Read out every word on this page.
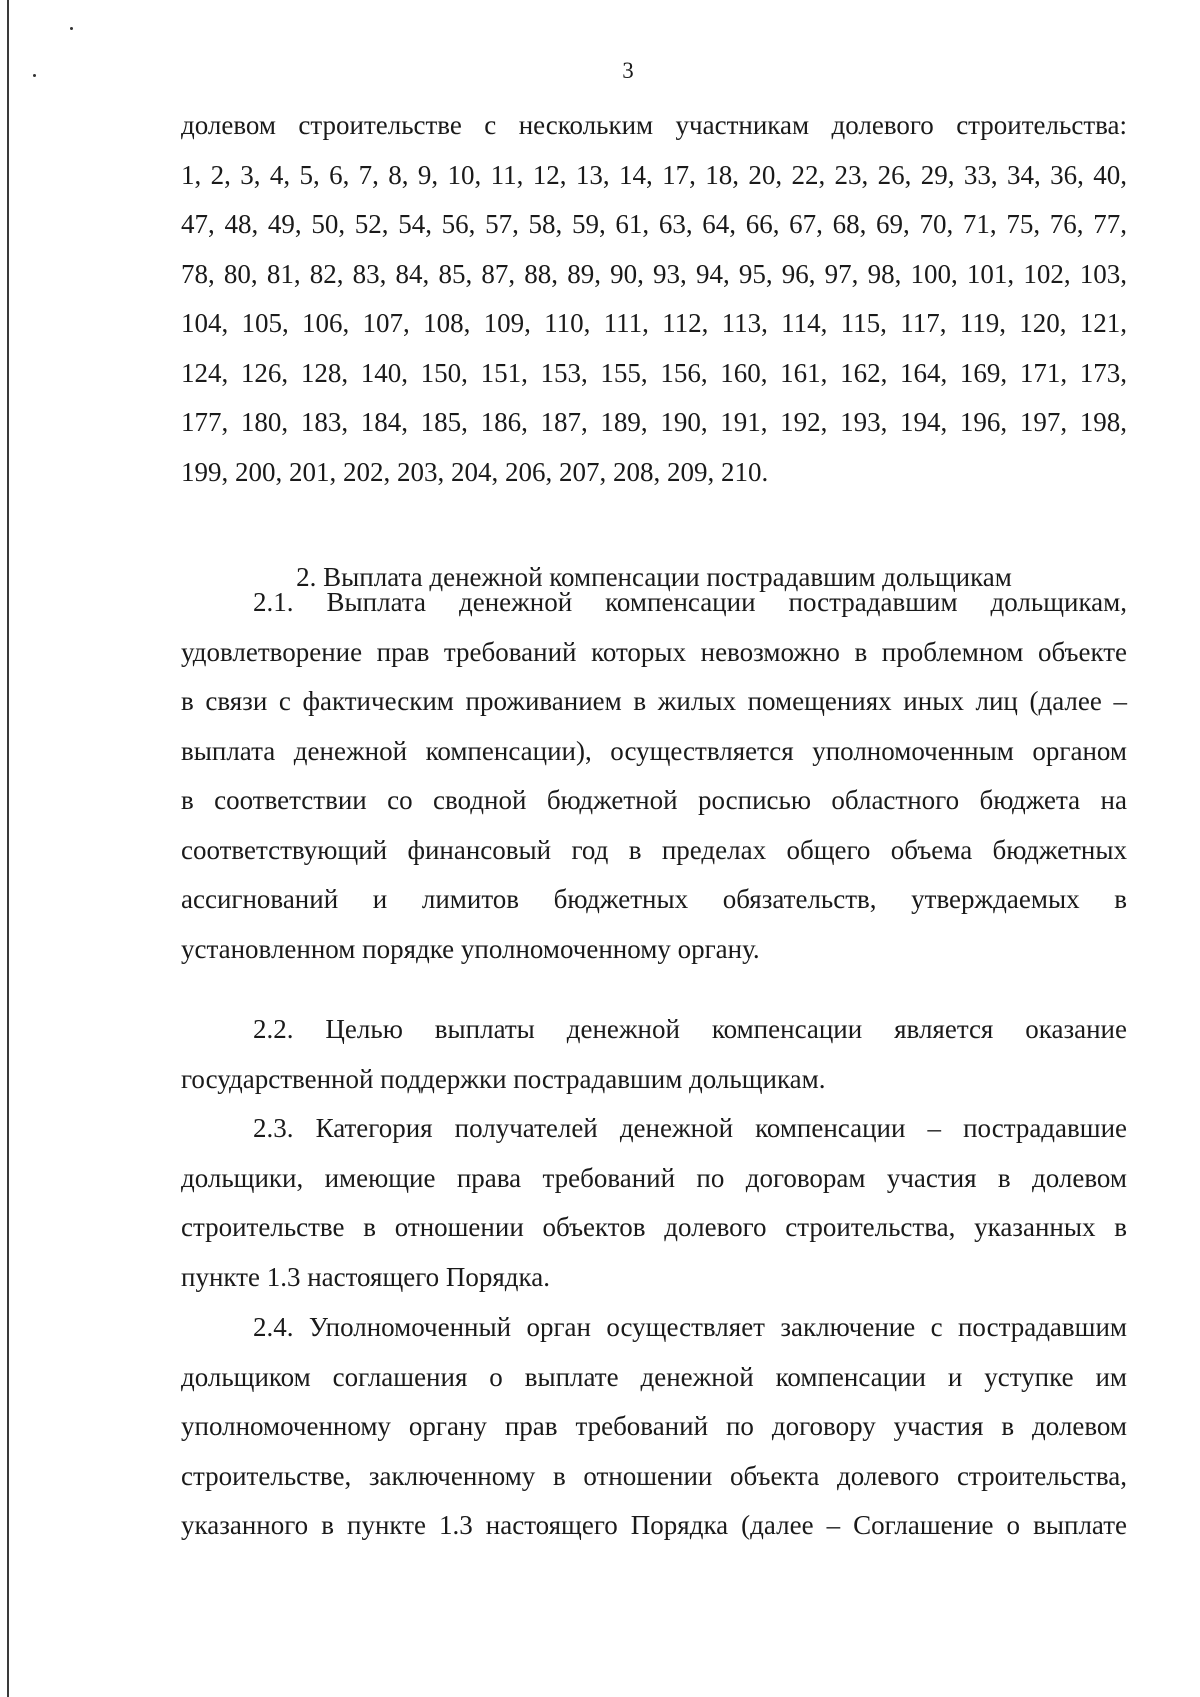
3
долевом строительстве с нескольким участникам долевого строительства:
1, 2, 3, 4, 5, 6, 7, 8, 9, 10, 11, 12, 13, 14, 17, 18, 20, 22, 23, 26, 29, 33, 34, 36, 40,
47, 48, 49, 50, 52, 54, 56, 57, 58, 59, 61, 63, 64, 66, 67, 68, 69, 70, 71, 75, 76, 77,
78, 80, 81, 82, 83, 84, 85, 87, 88, 89, 90, 93, 94, 95, 96, 97, 98, 100, 101, 102, 103,
104, 105, 106, 107, 108, 109, 110, 111, 112, 113, 114, 115, 117, 119, 120, 121,
124, 126, 128, 140, 150, 151, 153, 155, 156, 160, 161, 162, 164, 169, 171, 173,
177, 180, 183, 184, 185, 186, 187, 189, 190, 191, 192, 193, 194, 196, 197, 198,
199, 200, 201, 202, 203, 204, 206, 207, 208, 209, 210.
2. Выплата денежной компенсации пострадавшим дольщикам
2.1. Выплата денежной компенсации пострадавшим дольщикам,
удовлетворение прав требований которых невозможно в проблемном объекте
в связи с фактическим проживанием в жилых помещениях иных лиц (далее –
выплата денежной компенсации), осуществляется уполномоченным органом
в соответствии со сводной бюджетной росписью областного бюджета на
соответствующий финансовый год в пределах общего объема бюджетных
ассигнований и лимитов бюджетных обязательств, утверждаемых в
установленном порядке уполномоченному органу.
2.2. Целью выплаты денежной компенсации является оказание
государственной поддержки пострадавшим дольщикам.
2.3. Категория получателей денежной компенсации – пострадавшие
дольщики, имеющие права требований по договорам участия в долевом
строительстве в отношении объектов долевого строительства, указанных в
пункте 1.3 настоящего Порядка.
2.4. Уполномоченный орган осуществляет заключение с пострадавшим
дольщиком соглашения о выплате денежной компенсации и уступке им
уполномоченному органу прав требований по договору участия в долевом
строительстве, заключенному в отношении объекта долевого строительства,
указанного в пункте 1.3 настоящего Порядка (далее – Соглашение о выплате
